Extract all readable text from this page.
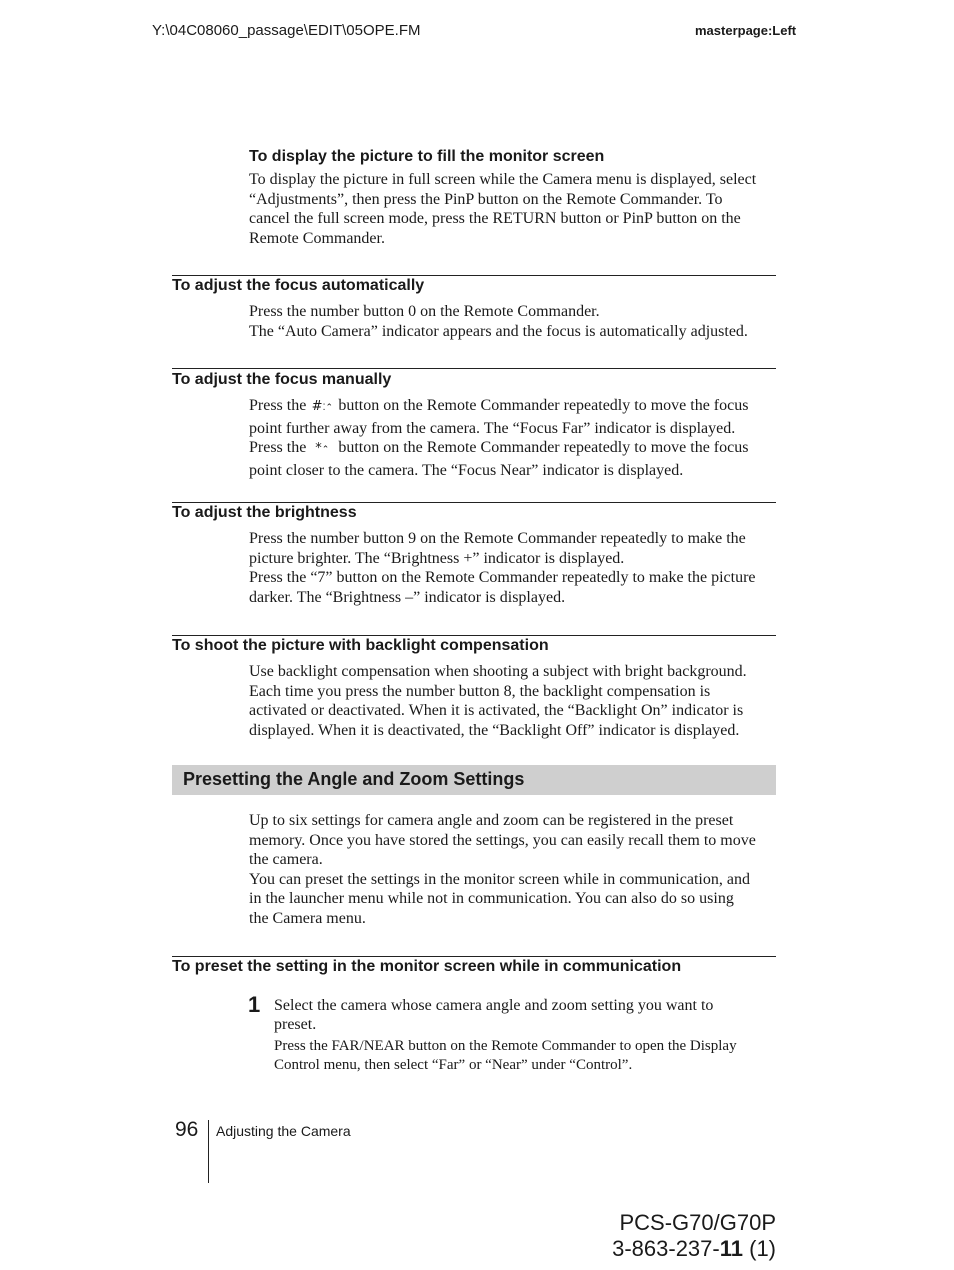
Y:\04C08060_passage\EDIT\05OPE.FM	masterpage:Left
To display the picture to fill the monitor screen

To display the picture in full screen while the Camera menu is displayed, select

“Adjustments”, then press the PinP button on the Remote Commander. To

cancel the full screen mode, press the RETURN button or PinP button on the

Remote Commander.

To adjust the focus automatically

Press the number button 0 on the Remote Commander.

The “Auto Camera” indicator appears and the focus is automatically adjusted.

To adjust the focus manually

Press the #⁚⌃ button on the Remote Commander repeatedly to move the focus

point further away from the camera. The “Focus Far” indicator is displayed.

Press the *⌃ button on the Remote Commander repeatedly to move the focus

point closer to the camera. The “Focus Near” indicator is displayed.

To adjust the brightness

Press the number button 9 on the Remote Commander repeatedly to make the

picture brighter. The “Brightness +” indicator is displayed.

Press the “7” button on the Remote Commander repeatedly to make the picture

darker. The “Brightness –” indicator is displayed.

To shoot the picture with backlight compensation

Use backlight compensation when shooting a subject with bright background.

Each time you press the number button 8, the backlight compensation is

activated or deactivated. When it is activated, the “Backlight On” indicator is

displayed. When it is deactivated, the “Backlight Off” indicator is displayed.

Presetting the Angle and Zoom Settings

Up to six settings for camera angle and zoom can be registered in the preset

memory. Once you have stored the settings, you can easily recall them to move

the camera.

You can preset the settings in the monitor screen while in communication, and

in the launcher menu while not in communication. You can also do so using

the Camera menu.

To preset the setting in the monitor screen while in communication
1 Select the camera whose camera angle and zoom setting you want to

preset.

Press the FAR/NEAR button on the Remote Commander to open the Display

Control menu, then select “Far” or “Near” under “Control”.

96 Adjusting the Camera
PCS-G70/G70P
3-863-237-11 (1)
